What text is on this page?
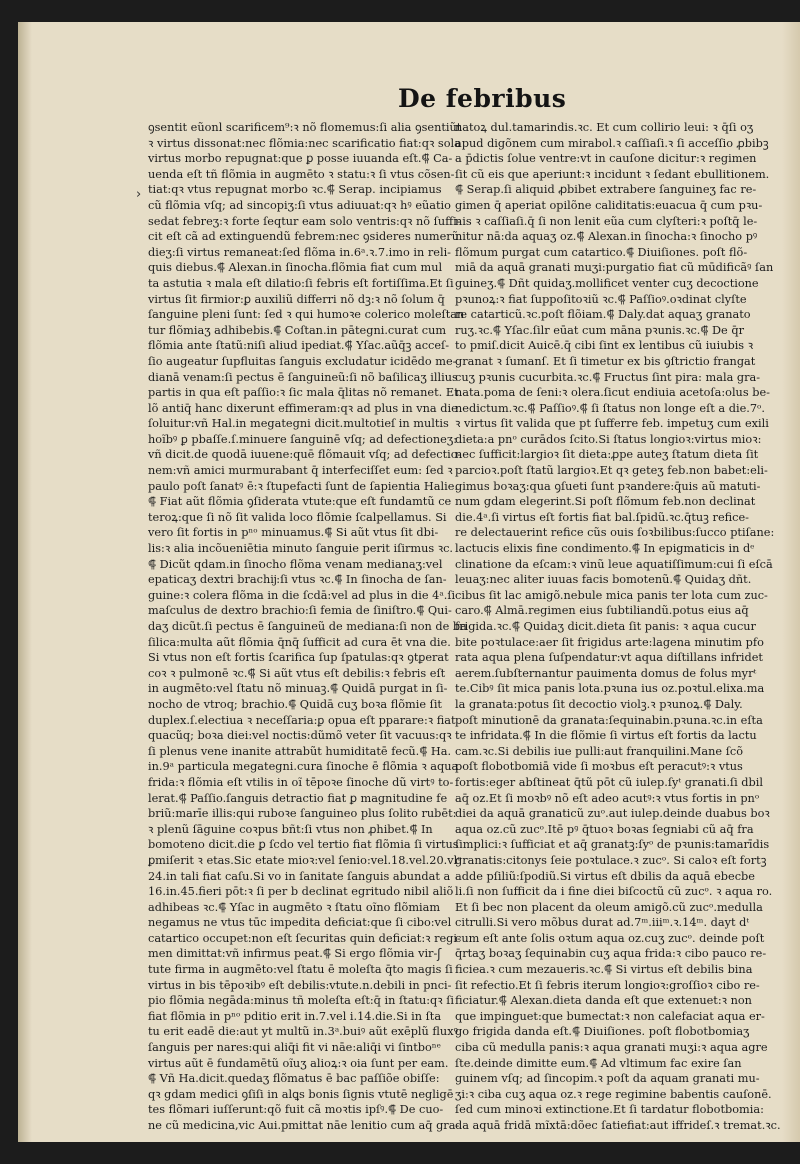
De febribus
ꝯsentit eũonl scarificem⁹:ꝛ nõ flomemus:ſi alia ꝯsentiũt
ꝛ virtus dissonat:nec flõmia:nec scarificatio fiat:qꝛ sola
virtus morbo repugnat:que ꝑ posse iuuanda eſt.⸿ Ca-
uenda eſt tñ flõmia in augmēto ꝛ statu:ꝛ ſi vtus cõsen-
tiat:qꝛ vtus repugnat morbo ꝛc.⸿ Serap. incipiamus
cũ flõmia vſq; ad sincopiʒ:ſi vtus adiuuat:qꝛ hꝰ eũatio
sedat febreʒ:ꝛ forte ſeqtur eam solo ventris:qꝛ nõ ſuffi-
cit eſt cã ad extinguendũ febrem:nec ꝯsideres numerũ
dieʒ:ſi virtus remaneat:ſed flõma in.6ᵃ.ꝛ.7.imo in reli-
quis diebus.⸿ Alexan.in ſinocha.flõmia fiat cum mul
ta astutia ꝛ mala eſt dilatio:ſi febris eſt fortiſſima.Et ſi
virtus ſit firmior:ꝑ auxiliũ differri nõ dꝫ:ꝛ nõ ſolum q̄
ſanguine pleni ſunt: ſed ꝛ qui humoꝛe colerico moleſtan
tur flõmiaʒ adhibebis.⸿ Coſtan.in pātegni.curat cum
flõmia ante ſtatũ:niſi aliud ipediat.⸿ Yſac.aũq̄ꝫ acceſ-
ſio augeatur ſupfluitas ſanguis excludatur icidēdo me-
dianā venam:ſi pectus ē ſanguineũ:ſi nõ baſilicaʒ illius
partis in qua eſt paſſio:ꝛ ſic mala q̄litas nõ remanet. Et
lõ antiq̄ hanc dixerunt effimeram:qꝛ ad plus in vna die
ſoluitur:vñ Hal.in megategni dicit.multotieſ in multis
hoĩbꝰ ꝑ pbaſſe.ſ.minuere ſanguinē vſq; ad defectioneʒ:
vñ dicit.de quodā iuuene:quē flõmauit vſq; ad defectio-
nem:vñ amici murmurabant q̄ interfeciſſet eum: ſed ꝛ
paulo poſt ſanatꝰ ē:ꝛ ſtupefacti ſunt de ſapientia Halie.
⸿ Fiat aũt flõmia ꝯſiderata vtute:que eſt fundamtũ ce
teroꝝ:que ſi nõ ſit valida loco flõmie ſcalpellamus. Si
vero ſit fortis in pⁿᵒ minuamus.⸿ Si aũt vtus ſit dbi-
lis:ꝛ alia incõueniētia minuto ſanguie perit iſirmus ꝛc.
⸿ Dicũt qdam.in ſinocho flõma venam medianaʒ:vel
epaticaʒ dextri brachĳ:ſi vtus ꝛc.⸿ In ſinocha de ſan-
guine:ꝛ colera flõma in die ſcdā:vel ad plus in die 4ᵃ.ſi
maſculus de dextro brachio:ſi femia de ſiniſtro.⸿ Qui-
daʒ dicũt.ſi pectus ē ſanguineũ de mediana:ſi non de ba
ſilica:multa aũt flõmia q̄nq̄ ſufficit ad cura ēt vna die.
Si vtus non eſt fortis ſcarifica ſup ſpatulas:qꝛ ꝯtꝑerat
coꝛ ꝛ pulmonē ꝛc.⸿ Si aũt vtus eſt debilis:ꝛ febris eſt
in augmēto:vel ſtatu nõ minuaꝫ.⸿ Quidā purgat in ſi-
nocho de vtroq; brachio.⸿ Quidā cuʒ boꝛa flõmie ſit
duplex.ſ.electiua ꝛ neceſſaria:ꝑ opua eſt pparare:ꝛ fiat
quacũq; boꝛa diei:vel noctis:dũmõ veter ſit vacuus:qꝛ
ſi plenus vene inanite attrabũt humiditatē fecũ.⸿ Ha.
in.9ᵃ particula megategni.cura ſinoche ē flõmia ꝛ aqua
frida:ꝛ flõmia eſt vtilis in oĩ tēpoꝛe ſinoche dũ virtꝰ to-
lerat.⸿ Paſſio.ſanguis detractio fiat ꝑ magnitudine fe
briũ:marīe illis:qui ruboꝛe ſanguineo plus ſolito rubēt:
ꝛ plenũ ſāguine coꝛpus bñt:ſi vtus non ꝓhibet.⸿ In
bomoteno dicit.die ꝑ ſcdo vel tertio fiat flõmia ſi virtus
ꝑmiſerit ꝛ etas.Sic etate mioꝛ:vel ſenio:vel.18.vel.20.vlᵉ
24.in tali fiat caſu.Si vo in ſanitate ſanguis abundat a
16.in.45.fieri pōt:ꝛ ſi per b declinat egritudo nibil aliõ
adhibeas ꝛc.⸿ Yſac in augmēto ꝛ ſtatu oĩno flõmiam
negamus ne vtus tūc impedita deficiat:que ſi cibo:vel
catartico occupet:non eſt ſecuritas quin deficiat:ꝛ regi-
men dimittat:vñ infirmus peat.⸿ Si ergo flõmia vir-
tute firma in augmēto:vel ſtatu ē moleſta q̄to magis ſi
virtus in bis tēpoꝛibꝰ eſt debilis:vtute.n.debili in pnci-
pio flõmia negāda:minus tñ moleſta eſt:q̄ in ſtatu:qꝛ ſi
fiat flõmia in pⁿᵒ pditio erit in.7.vel i.14.die.Si in ſta
tu erit eadē die:aut yt multũ in.3ᵃ.buiꝰ aũt exēplũ fluxꝰ
ſanguis per nares:qui aliq̄i fit vi nāe:aliq̄i vi ſintboⁿᵉ
virtus aũt ē fundamētũ oĩuʒ alioꝝ:ꝛ oia ſunt per eam.
⸿ Vñ Ha.dicit.quedaʒ flõmatus ē bac paſſiõe obiſſe:
qꝛ gdam medici ꝯſiſi in alꝗs bonis ſignis vtutē negligē
tes flõmari iuſſerunt:qõ fuit cã moꝛtis ipſꝰ.⸿ De cuo-
ne cũ medicina,vic Aui.pmittat nāe lenitio cum aq̄ gra-
natoꝝ dul.tamarindis.ꝛc. Et cum collirio leui: ꝛ q̄ſi oʒ
apud digõnem cum mirabol.ꝛ caſſiaſi.ꝛ ſi acceſſio ꝓbibꝫ
a p̄dictis ſolue ventre:vt in cauſone dicitur:ꝛ regimen
ſit cũ eis que aperiunt:ꝛ incidunt ꝛ ſedant ebullitionem.
⸿ Serap.ſi aliquid ꝓbibet extrabere ſanguineʒ fac re-
gimen q̄ aperiat opilõne caliditatis:euacua q̄ cum pꝛu-
nis ꝛ caſſiaſi.q̄ ſi non lenit eũa cum clyſteri:ꝛ poſtq̄ le-
nitur nā:da aquaʒ oz.⸿ Alexan.in ſinocha:ꝛ ſinocho pꝰ
flõmum purgat cum catartico.⸿ Diuiſiones. poſt flõ-
miā da aquā granati muʒi:purgatio fiat cũ mūdificãꝰ ſan
guineʒ.⸿ Dñt quidaʒ.mollificet venter cuʒ decoctione
pꝛunoꝝ:ꝛ fiat ſuppoſitoꝛiũ ꝛc.⸿ Paſſioꝰ.oꝛdinat clyſte
re catarticũ.ꝛc.poſt flõiam.⸿ Daly.dat aquaʒ granato
ruʒ.ꝛc.⸿ Yſac.ſilr eūat cum māna pꝛunis.ꝛc.⸿ De q̄r
to pmiſ.dicit Auicē.q̄ cibi ſint ex lentibus cũ iuiubis ꝛ
granat ꝛ ſumanſ. Et ſi timetur ex bis ꝯſtrictio frangat
cuʒ pꝛunis cucurbita.ꝛc.⸿ Fructus ſint pira: mala gra-
nata.poma de ſeni:ꝛ olera.ſicut endiuia acetoſa:olus be-
nedictum.ꝛc.⸿ Paſſioꝰ.⸿ ſi ſtatus non longe eſt a die.7ᵒ.
ꝛ virtus ſit valida que pt ſufferre feb. impetuʒ cum exili
dieta:a pnᵒ curādos ſcito.Si ſtatus longioꝛ:virtus mioꝛ:
nec ſufficit:largioꝛ ſit dieta:ꝓpe auteʒ ſtatum dieta ſit
parcioꝛ.poſt ſtatũ largioꝛ.Et qꝛ geteʒ feb.non babet:eli-
gimus boꝛaʒ:qua ꝯſueti ſunt pꝛandere:q̄uis aũ matuti-
num gdam elegerint.Si poſt flõmum feb.non declinat
die.4ᵃ.ſi virtus eſt fortis fiat bal.ſpidũ.ꝛc.q̄tuꝫ refice-
re delectauerint refice cũs ouis ſoꝛbilibus:ſucco ptiſane:
lactucis elixis fine condimento.⸿ In epigmaticis in dᵉ
clinatione da eſcam:ꝛ vinũ leue aquatiſſimum:cui ſi eſcā
leuaʒ:nec aliter iuuas facis bomotenũ.⸿ Quidaʒ dñt.
cibus ſit lac amigõ.nebule mica panis ter lota cum zuc-
caro.⸿ Almā.regimen eius ſubtiliandũ.potus eius aq̄
frigida.ꝛc.⸿ Quidaʒ dicit.dieta ſit panis: ꝛ aqua cucur
bite poꝛtulace:aer ſit frigidus arte:lagena minutim pfo
rata aqua plena ſuſpendatur:vt aqua diſtillans infridet
aerem.ſubſternantur pauimenta domus de folus myrᵗ
te.Cibꝰ ſit mica panis lota.pꝛuna ius oz.poꝛtul.elixa.ma
la granata:potus ſit decoctio violꝫ.ꝛ pꝛunoꝝ.⸿ Daly.
poſt minutionē da granata:ſequinabin.pꝛuna.ꝛc.in eſta
te infridata.⸿ In die flõmie ſi virtus eſt fortis da lactu
cam.ꝛc.Si debilis iue pulli:aut franquilini.Mane ſcõ
poſt flobotbomiā vide ſi moꝛbus eſt peracutꝰ:ꝛ vtus
fortis:eger abſtineat q̄tũ pōt cũ iulep.ſyᵗ granati.ſi dbil
aq̄ oz.Et ſi moꝛbꝰ nõ eſt adeo acutꝰ:ꝛ vtus fortis in pnᵒ
diei da aquā granaticũ zuᵒ.aut iulep.deinde duabus boꝛ
aqua oz.cũ zucᵒ.Itē pꝰ q̄tuoꝛ boꝛas ſegniabi cũ aq̄ fra
ſimplici:ꝛ ſufficiat et aq̄ granatꝫ:ſyᵒ de pꝛunis:tamarīdis
granatis:citonys ſeie poꝛtulace.ꝛ zucᵒ. Si caloꝛ eſt fortꝫ
adde pſiliũ:ſpodiũ.Si virtus eſt dbilis da aquā ebecbe
li.ſi non ſufficit da i fine diei biſcoctũ cũ zucᵒ. ꝛ aqua ro.
Et ſi bec non placent da oleum amigõ.cũ zucᵒ.medulla
citrulli.Si vero mõbus durat ad.7ᵐ.iiiᵐ.ꝛ.14ᵐ. dayt dᵗ
cum eſt ante ſolis oꝛtum aqua oz.cuʒ zucᵒ. deinde poſt
q̄rtaʒ boꝛaʒ ſequinabin cuʒ aqua frida:ꝛ cibo pauco re-
ficiea.ꝛ cum mezaueris.ꝛc.⸿ Si virtus eſt debilis bina
ſit refectio.Et ſi febris iterum longioꝛ:groſſioꝛ cibo re-
ficiatur.⸿ Alexan.dieta danda eſt que extenuet:ꝛ non
que impinguet:que bumectat:ꝛ non calefaciat aqua er-
go frigida danda eſt.⸿ Diuiſiones. poſt flobotbomiaʒ
ciba cũ medulla panis:ꝛ aqua granati muʒi:ꝛ aqua agre
ſte.deinde dimitte eum.⸿ Ad vltimum fac exire ſan
guinem vſq; ad ſincopim.ꝛ poſt da aquam granati mu-
ʒi:ꝛ ciba cuʒ aqua oz.ꝛ rege regimine babentis cauſonē.
ſed cum minoꝛi extinctione.Et ſi tardatur flobotbomia:
da aquā fridā mĩxtā:dõec ſatiefiat:aut iffrideſ.ꝛ tremat.ꝛc.
›
ʃ
